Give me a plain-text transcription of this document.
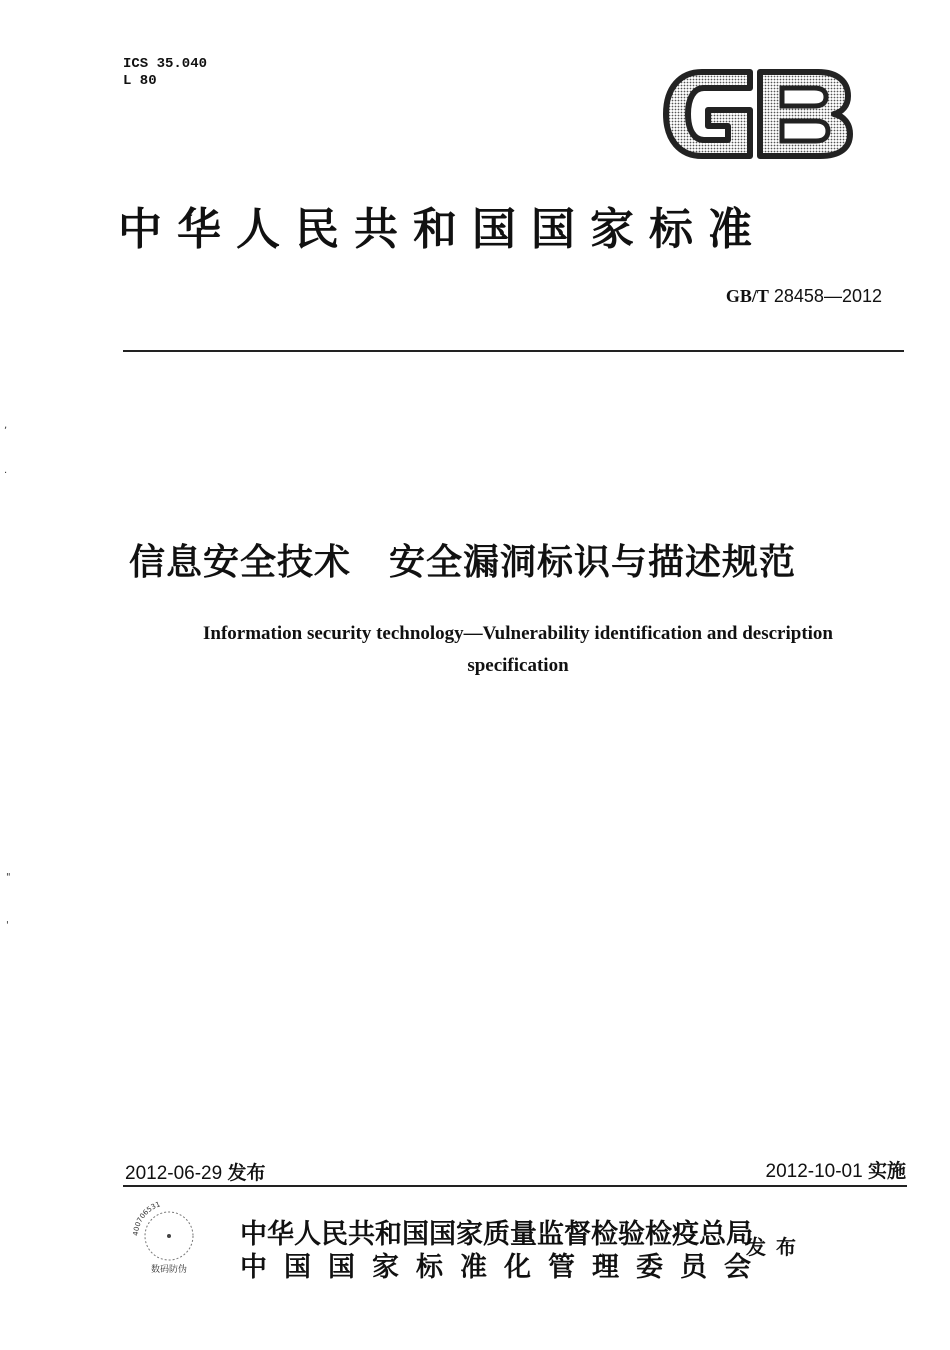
ICS 35.040
L 80
中华人民共和国国家标准
GB/T 28458—2012
,
.
"
'
信息安全技术 安全漏洞标识与描述规范
Information security technology—Vulnerability identification and description
specification
2012-06-29 发布	2012-10-01 实施
400706531
数码防伪
中华人民共和国国家质量监督检验检疫总局
中国国家标准化管理委员会
发布
